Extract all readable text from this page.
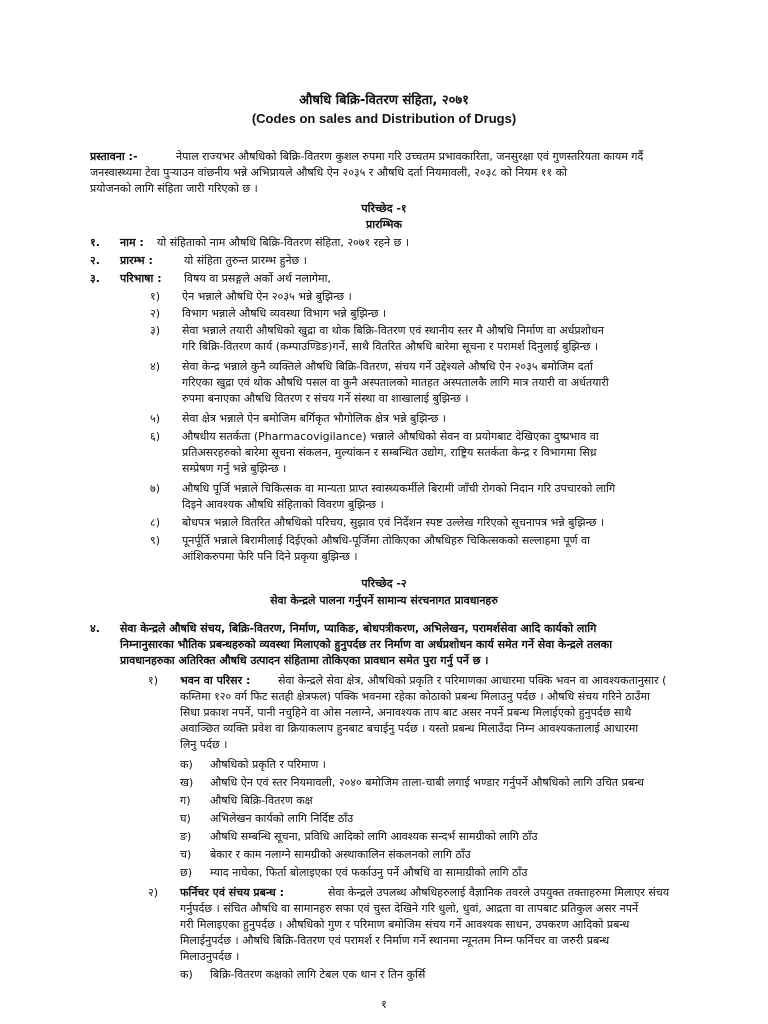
औषधि बिक्रि-वितरण संहिता, २०७१
(Codes on sales and Distribution of Drugs)
प्रस्तावना :-	नेपाल राज्यभर औषधिको बिक्रि-वितरण कुशल रुपमा गरि उच्चतम प्रभावकारिता, जनसुरक्षा एवं गुणस्तरियता कायम गर्दै
जनस्वास्थ्यमा टेवा पुऱ्याउन वांछनीय भन्ने अभिप्रायले औषधि ऐन २०३५ र औषधि दर्ता नियमावली, २०३८ को नियम ११ को
प्रयोजनको लागि संहिता जारी गरिएको छ ।
परिच्छेद -१
प्रारम्भिक
१. नाम : यो संहिताको नाम औषधि बिक्रि-वितरण संहिता, २०७१ रहने छ ।
२. प्रारम्भ :	यो संहिता तुरुन्त प्रारम्भ हुनेछ ।
३. परिभाषा : विषय वा प्रसङ्गले अर्को अर्थ नलागेमा,
१) ऐन भन्नाले औषधि ऐन २०३५ भन्ने बुझिन्छ ।
२) विभाग भन्नाले औषधि व्यवस्था विभाग भन्ने बुझिन्छ ।
३) सेवा भन्नाले तयारी औषधिको खुद्रा वा थोक बिक्रि-वितरण एवं स्थानीय स्तर मै औषधि निर्माण वा अर्धप्रशोधन
गरि बिक्रि-वितरण कार्य (कम्पाउण्डिङ)गर्ने, साथै वितरित औषधि बारेमा सूचना र परामर्श दिनुलाई बुझिन्छ ।
४) सेवा केन्द्र भन्नाले कुनै व्यक्तिले औषधि बिक्रि-वितरण, संचय गर्ने उद्देश्यले औषधि ऐन २०३५ बमोजिम दर्ता
गरिएका खुद्रा एवं थोक औषधि पसल वा कुनै अस्पतालको मातहत अस्पतालकै लागि मात्र तयारी वा अर्धतयारी
रुपमा बनाएका औषधि वितरण र संचय गर्ने संस्था वा शाखालाई बुझिन्छ ।
५) सेवा क्षेत्र भन्नाले ऐन बमोजिम बर्गिकृत भौगोलिक क्षेत्र भन्ने बुझिन्छ ।
६) औषधीय सतर्कता (Pharmacovigilance) भन्नाले औषधिको सेवन वा प्रयोगबाट देखिएका दुष्प्रभाव वा
प्रतिअसरहरुको बारेमा सूचना संकलन, मुल्यांकन र सम्बन्धित उद्योग, राष्ट्रिय सतर्कता केन्द्र र विभागमा सिध्र
सम्प्रेषण गर्नु भन्ने बुझिन्छ ।
७) औषधि पूर्जि भन्नाले चिकित्सक वा मान्यता प्राप्त स्वास्थ्यकर्मीले बिरामी जाँची रोगको निदान गरि उपचारको लागि
दिइने आवश्यक औषधि संहिताको विवरण बुझिन्छ ।
८) बोधपत्र भन्नाले वितरित औषधिको परिचय, सुझाव एवं निर्देशन स्पष्ट उल्लेख गरिएको सूचनापत्र भन्ने बुझिन्छ ।
९) पूनर्पूर्ति भन्नाले बिरामीलाई दिईएको औषधि-पूर्जिमा तोकिएका औषधिहरु चिकित्सकको सल्लाहमा पूर्ण वा
आंशिकरुपमा फेरि पनि दिने प्रकृया बुझिन्छ ।
परिच्छेद -२
सेवा केन्द्रले पालना गर्नुपर्ने सामान्य संरचनागत प्रावधानहरु
४. सेवा केन्द्रले औषधि संचय, बिक्रि-वितरण, निर्माण, प्याकिङ, बोधपत्रीकरण, अभिलेखन, परामर्शसेवा आदि कार्यको लागि
निम्नानुसारका भौतिक प्रबन्धहरुको व्यवस्था मिलाएको हुनुपर्दछ तर निर्माण वा अर्धप्रशोधन कार्य समेत गर्ने सेवा केन्द्रले तलका
प्रावधानहरुका अतिरिक्त औषधि उत्पादन संहितामा तोकिएका प्रावधान समेत पुरा गर्नु पर्ने छ ।
१) भवन वा परिसर :	सेवा केन्द्रले सेवा क्षेत्र, औषधिको प्रकृति र परिमाणका आधारमा पक्कि भवन वा आवश्यकतानुसार (
कम्तिमा १२० वर्ग फिट सतही क्षेत्रफल) पक्कि भवनमा रहेका कोठाको प्रबन्ध मिलाउनु पर्दछ । औषधि संचय गरिने ठाउँमा
सिधा प्रकाश नपर्ने, पानी नचुहिने वा ओस नलाग्ने, अनावश्यक ताप बाट असर नपर्ने प्रबन्ध मिलाईएको हुनुपर्दछ साथै
अवाञ्छित व्यक्ति प्रवेश वा क्रियाकलाप हुनबाट बचाईनु पर्दछ । यस्तो प्रबन्ध मिलाउँदा निम्न आवश्यकतालाई आधारमा
लिनु पर्दछ ।
क) औषधिको प्रकृति र परिमाण ।
ख) औषधि ऐन एवं स्तर नियमावली, २०४० बमोजिम ताला-चाबी लगाई भण्डार गर्नुपर्ने औषधिको लागि उचित प्रबन्ध
ग) औषधि बिक्रि-वितरण कक्ष
घ) अभिलेखन कार्यको लागि निर्दिष्ट ठाँउ
ङ) औषधि सम्बन्धि सूचना, प्रविधि आदिको लागि आवश्यक सन्दर्भ सामग्रीको लागि ठाँउ
च) बेकार र काम नलाग्ने सामग्रीको अस्थाकालिन संकलनको लागि ठाँउ
छ) म्याद नाघेका, फिर्ता बोलाइएका एवं फर्काउनु पर्ने औषधि वा सामाग्रीको लागि ठाँउ
२) फर्निचर एवं संचय प्रबन्ध :	सेवा केन्द्रले उपलब्ध औषधिहरुलाई वैज्ञानिक तवरले उपयुक्त तक्ताहरुमा मिलाएर संचय
गर्नुपर्दछ । संचित औषधि वा सामानहरु सफा एवं चुस्त देखिने गरि धुलो, धुवां, आद्रता वा तापबाट प्रतिकुल असर नपर्ने
गरी मिलाइएका हुनुपर्दछ । औषधिको गुण र परिमाण बमोजिम संचय गर्ने आवश्यक साधन, उपकरण आदिको प्रबन्ध
मिलाईनुपर्दछ । औषधि बिक्रि-वितरण एवं परामर्श र निर्माण गर्ने स्थानमा न्यूनतम निम्न फर्निचर वा जरुरी प्रबन्ध
मिलाउनुपर्दछ ।
क) बिक्रि-वितरण कक्षको लागि टेबल एक थान र तिन कुर्सि
१
